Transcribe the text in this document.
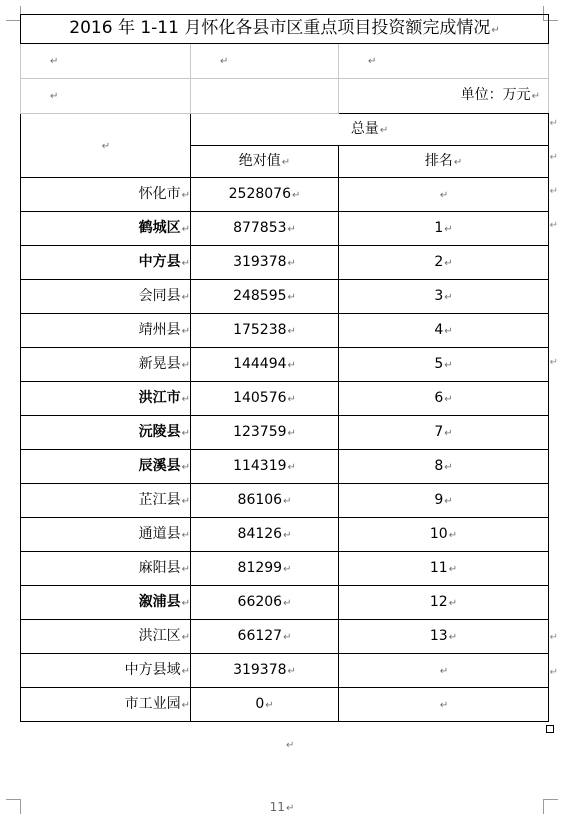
2016 年 1-11 月怀化各县市区重点项目投资额完成情况↵		
↵	↵	↵
↵		单位：万元↵
↵	总量↵	
	绝对值↵	排名↵
怀化市↵	2528076↵	↵
鹤城区↵	877853↵	1↵
中方县↵	319378↵	2↵
会同县↵	248595↵	3↵
靖州县↵	175238↵	4↵
新晃县↵	144494↵	5↵
洪江市↵	140576↵	6↵
沅陵县↵	123759↵	7↵
辰溪县↵	114319↵	8↵
芷江县↵	86106↵	9↵
通道县↵	84126↵	10↵
麻阳县↵	81299↵	11↵
溆浦县↵	66206↵	12↵
洪江区↵	66127↵	13↵
中方县域↵	319378↵	↵
市工业园↵	0↵	↵
↵
↵
↵
↵
↵
↵
↵
↵
11↵
